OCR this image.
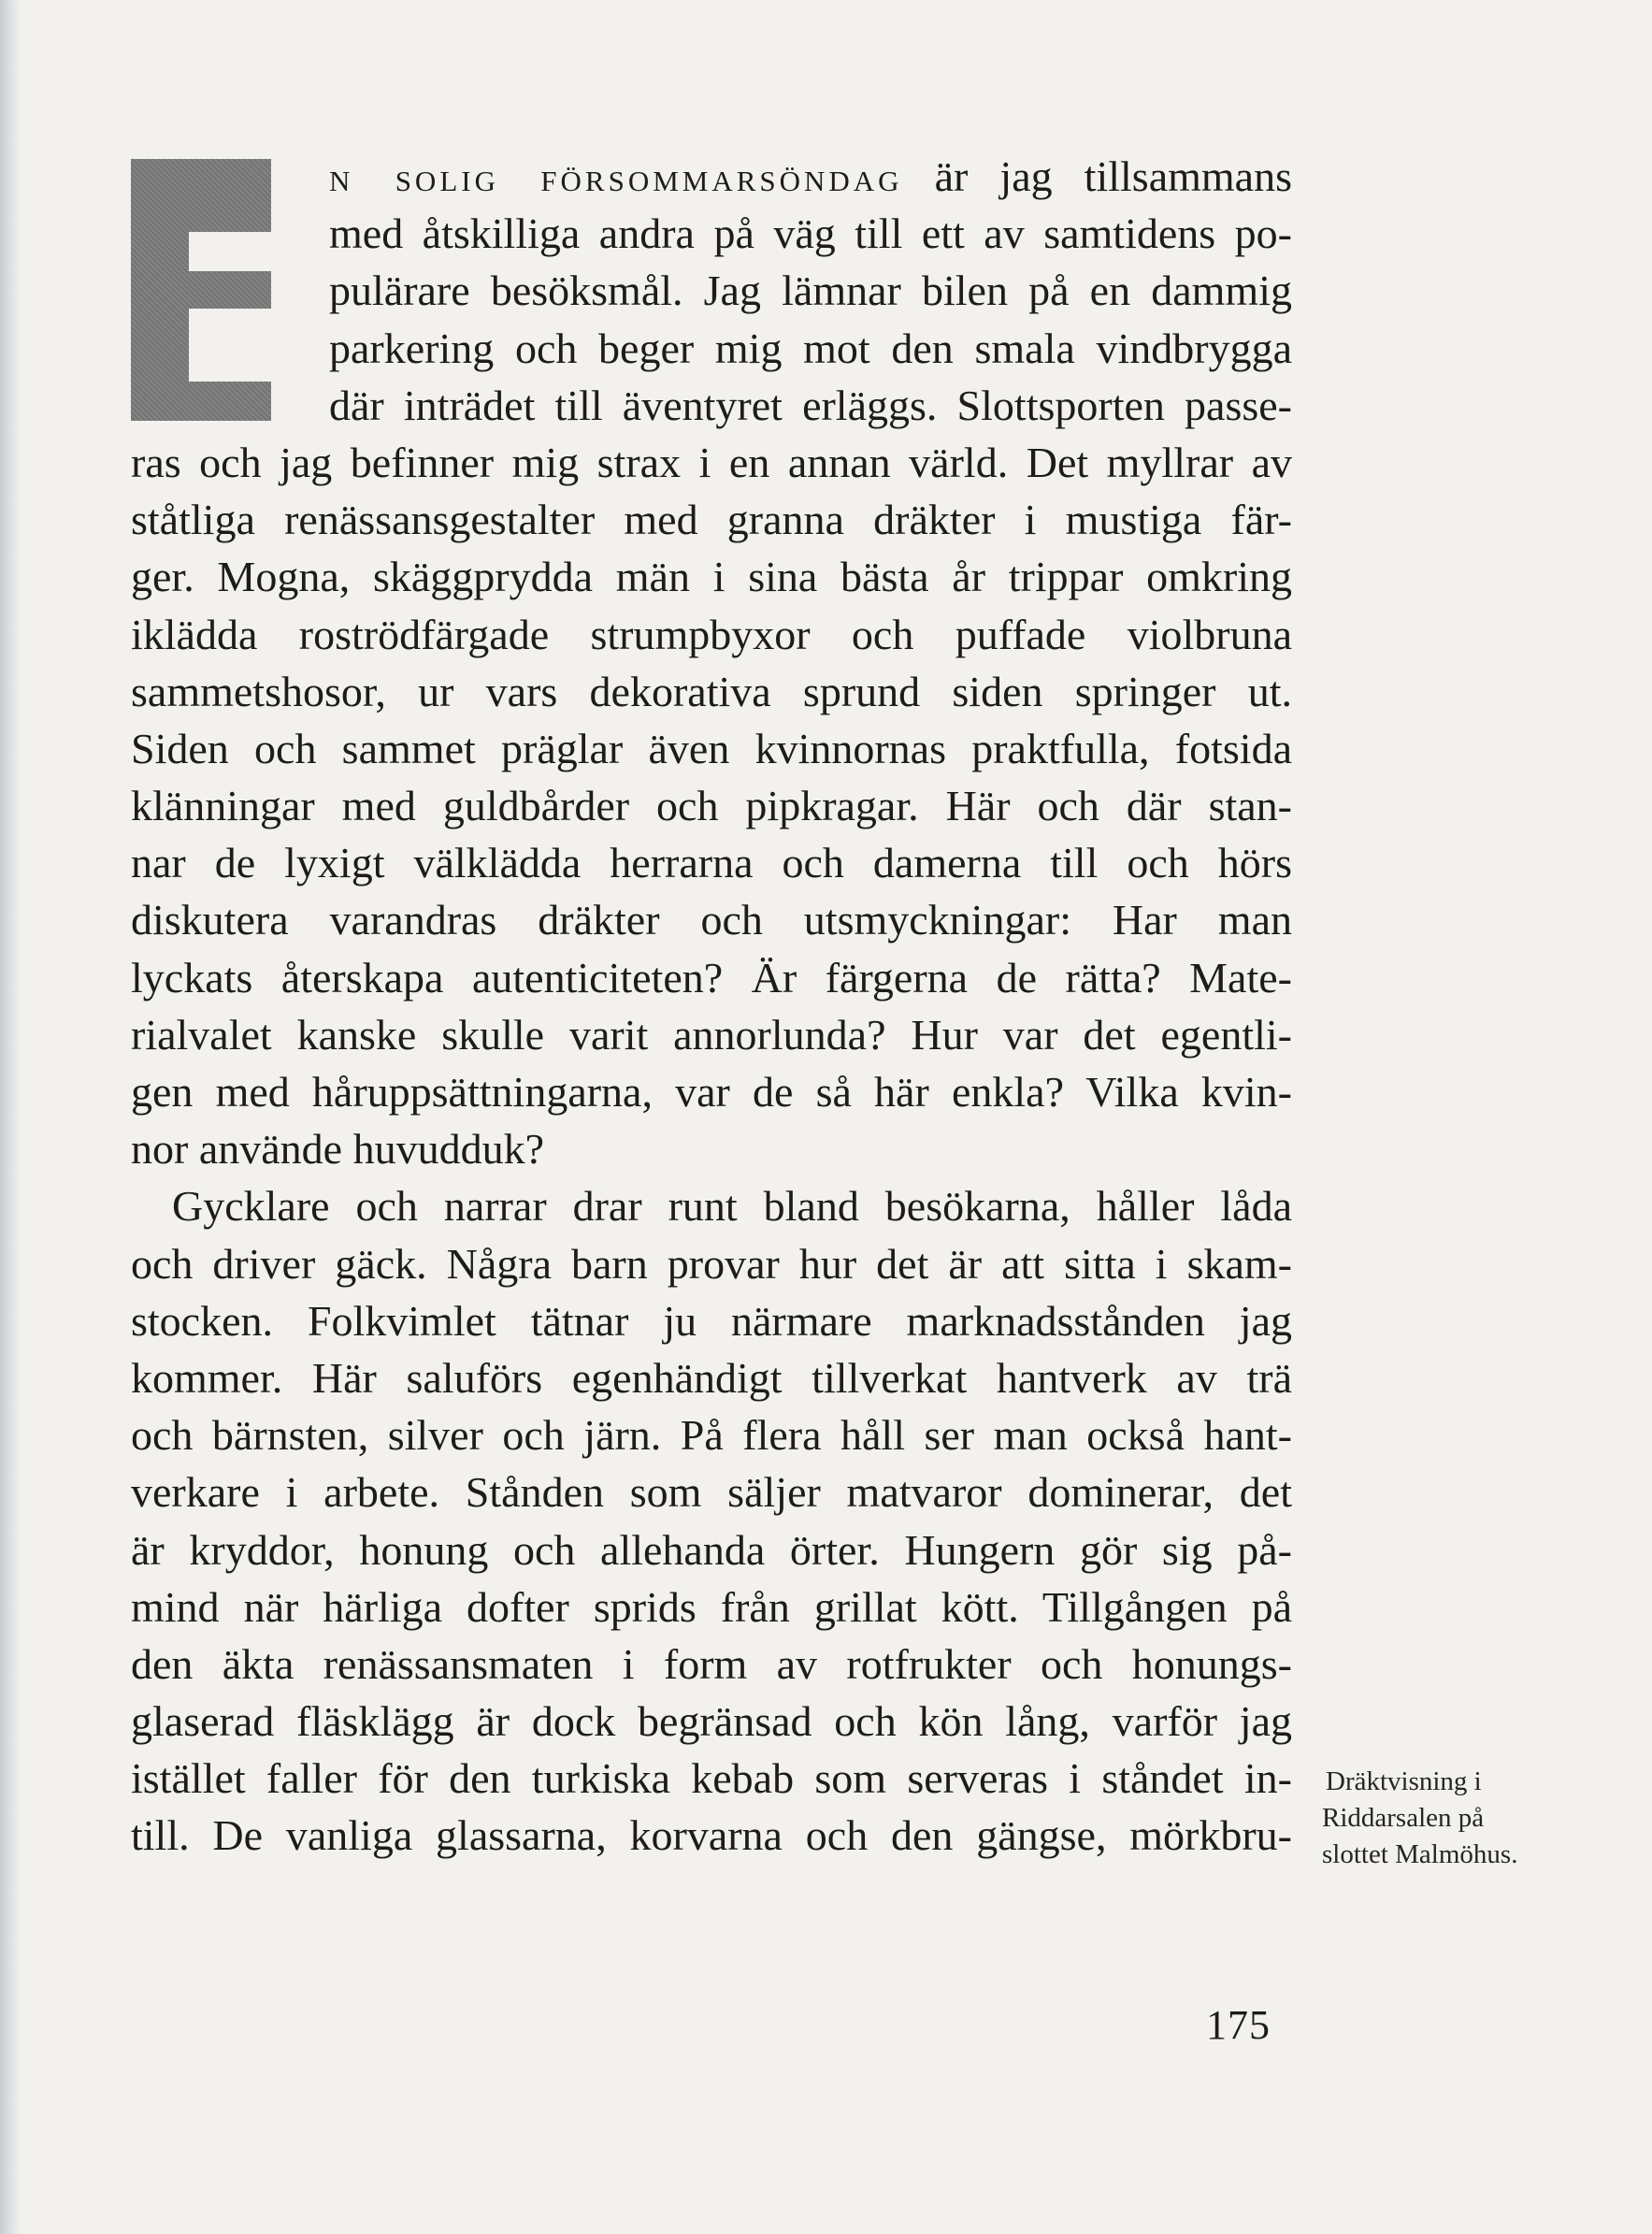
N SOLIG FÖRSOMMARSÖNDAG är jag tillsammans
med åtskilliga andra på väg till ett av samtidens po-
pulärare besöksmål. Jag lämnar bilen på en dammig
parkering och beger mig mot den smala vindbrygga
där inträdet till äventyret erläggs. Slottsporten passe-
ras och jag befinner mig strax i en annan värld. Det myllrar av
ståtliga renässansgestalter med granna dräkter i mustiga fär-
ger. Mogna, skäggprydda män i sina bästa år trippar omkring
iklädda roströdfärgade strumpbyxor och puffade violbruna
sammetshosor, ur vars dekorativa sprund siden springer ut.
Siden och sammet präglar även kvinnornas praktfulla, fotsida
klänningar med guldbårder och pipkragar. Här och där stan-
nar de lyxigt välklädda herrarna och damerna till och hörs
diskutera varandras dräkter och utsmyckningar: Har man
lyckats återskapa autenticiteten? Är färgerna de rätta? Mate-
rialvalet kanske skulle varit annorlunda? Hur var det egentli-
gen med håruppsättningarna, var de så här enkla? Vilka kvin-
nor använde huvudduk?
Gycklare och narrar drar runt bland besökarna, håller låda
och driver gäck. Några barn provar hur det är att sitta i skam-
stocken. Folkvimlet tätnar ju närmare marknadsstånden jag
kommer. Här saluförs egenhändigt tillverkat hantverk av trä
och bärnsten, silver och järn. På flera håll ser man också hant-
verkare i arbete. Stånden som säljer matvaror dominerar, det
är kryddor, honung och allehanda örter. Hungern gör sig på-
mind när härliga dofter sprids från grillat kött. Tillgången på
den äkta renässansmaten i form av rotfrukter och honungs-
glaserad fläskläg​g är dock begränsad och kön lång, varför jag
istället faller för den turkiska kebab som serveras i ståndet in-
till. De vanliga glassarna, korvarna och den gängse, mörkbru-
Dräktvisning i
Riddarsalen på
slottet Malmöhus.
175
